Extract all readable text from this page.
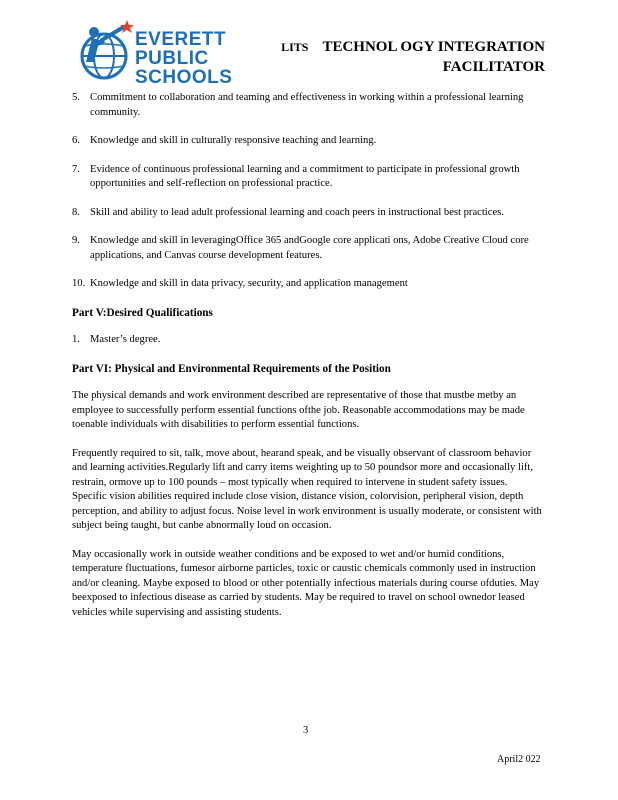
EVERETT
PUBLIC
SCHOOLS
LITS TECHNOL OGY INTEGRATION
FACILITATOR
5. Commitment to collaboration and teaming and effectiveness in working within a professional learning community.
6. Knowledge and skill in culturally responsive teaching and learning.
7. Evidence of continuous professional learning and a commitment to participate in professional growth opportunities and self-reflection on professional practice.
8. Skill and ability to lead adult professional learning and coach peers in instructional best practices.
9. Knowledge and skill in leveragingOffice 365 andGoogle core applicati ons, Adobe Creative Cloud core applications, and Canvas course development features.
10. Knowledge and skill in data privacy, security, and application management
Part V:Desired Qualifications
1. Master’s degree.
Part VI: Physical and Environmental Requirements of the Position
The physical demands and work environment described are representative of those that mustbe metby an employee to successfully perform essential functions ofthe job. Reasonable accommodations may be made toenable individuals with disabilities to perform essential functions.
Frequently required to sit, talk, move about, hearand speak, and be visually observant of classroom behavior and learning activities.Regularly lift and carry items weighting up to 50 poundsor more and occasionally lift, restrain, ormove up to 100 pounds – most typically when required to intervene in student safety issues. Specific vision abilities required include close vision, distance vision, colorvision, peripheral vision, depth perception, and ability to adjust focus. Noise level in work environment is usually moderate, or consistent with subject being taught, but canbe abnormally loud on occasion.
May occasionally work in outside weather conditions and be exposed to wet and/or humid conditions, temperature fluctuations, fumesor airborne particles, toxic or caustic chemicals commonly used in instruction and/or cleaning. Maybe exposed to blood or other potentially infectious materials during course ofduties. May beexposed to infectious disease as carried by students. May be required to travel on school ownedor leased vehicles while supervising and assisting students.
3
April2 022
